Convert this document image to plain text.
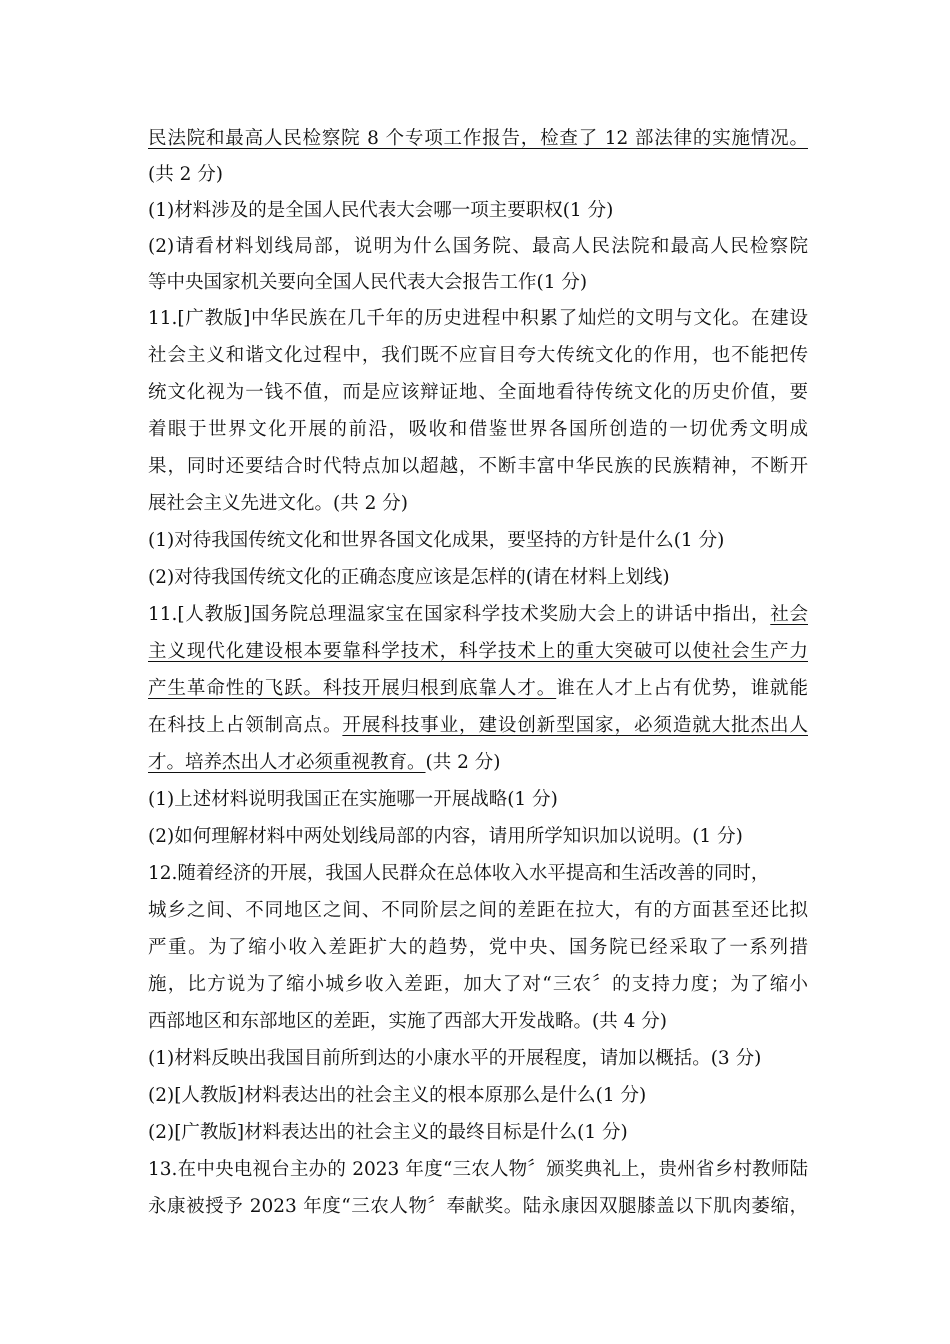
民法院和最高人民检察院 8 个专项工作报告，检查了 12 部法律的实施情况。
(共 2 分)
(1)材料涉及的是全国人民代表大会哪一项主要职权(1 分)
(2)请看材料划线局部，说明为什么国务院、最高人民法院和最高人民检察院
等中央国家机关要向全国人民代表大会报告工作(1 分)
11.[广教版]中华民族在几千年的历史进程中积累了灿烂的文明与文化。在建设
社会主义和谐文化过程中，我们既不应盲目夸大传统文化的作用，也不能把传
统文化视为一钱不值，而是应该辩证地、全面地看待传统文化的历史价值，要
着眼于世界文化开展的前沿，吸收和借鉴世界各国所创造的一切优秀文明成
果，同时还要结合时代特点加以超越，不断丰富中华民族的民族精神，不断开
展社会主义先进文化。(共 2 分)
(1)对待我国传统文化和世界各国文化成果，要坚持的方针是什么(1 分)
(2)对待我国传统文化的正确态度应该是怎样的(请在材料上划线)
11.[人教版]国务院总理温家宝在国家科学技术奖励大会上的讲话中指出，社会
主义现代化建设根本要靠科学技术，科学技术上的重大突破可以使社会生产力
产生革命性的飞跃。科技开展归根到底靠人才。谁在人才上占有优势，谁就能
在科技上占领制高点。开展科技事业，建设创新型国家，必须造就大批杰出人
才。培养杰出人才必须重视教育。(共 2 分)
(1)上述材料说明我国正在实施哪一开展战略(1 分)
(2)如何理解材料中两处划线局部的内容，请用所学知识加以说明。(1 分)
12.随着经济的开展，我国人民群众在总体收入水平提高和生活改善的同时，
城乡之间、不同地区之间、不同阶层之间的差距在拉大，有的方面甚至还比拟
严重。为了缩小收入差距扩大的趋势，党中央、国务院已经采取了一系列措
施，比方说为了缩小城乡收入差距，加大了对“三农〞的支持力度；为了缩小
西部地区和东部地区的差距，实施了西部大开发战略。(共 4 分)
(1)材料反映出我国目前所到达的小康水平的开展程度，请加以概括。(3 分)
(2)[人教版]材料表达出的社会主义的根本原那么是什么(1 分)
(2)[广教版]材料表达出的社会主义的最终目标是什么(1 分)
13.在中央电视台主办的 2023 年度“三农人物〞颁奖典礼上，贵州省乡村教师陆
永康被授予 2023 年度“三农人物〞奉献奖。陆永康因双腿膝盖以下肌肉萎缩，
